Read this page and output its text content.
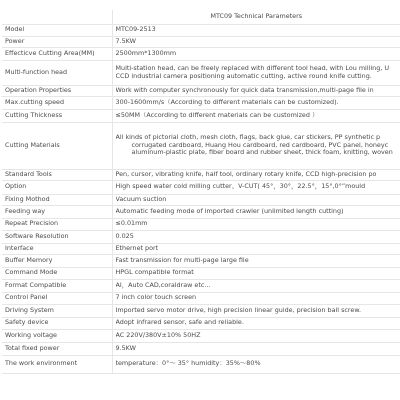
	MTC09 Technical Parameters
Model	MTC09-2513

Power	7.5KW

Effecticve Cutting Area(MM)	2500mm*1300mm

Multi-function head	Multi-station head, can be freely replaced with different tool head, with Lou milling, U
CCD industrial camera positioning automatic cutting, active round knife cutting.

Operation Properties	Work with computer synchronously for quick data transmission,multi-page file in

Max.cutting speed	300-1600mm/s（According to different materials can be customized).

Cutting Thickness	≤50MM（According to different materials can be customized ）

Cutting Materials	All kinds of pictorial cloth, mesh cloth, flags, back glue, car stickers, PP synthetic p
corrugated cardboard, Huang Hou cardboard, red cardboard, PVC panel, honeyc
aluminum-plastic plate, fiber board and rubber sheet, thick foam, knitting, woven

Standard Tools	Pen, cursor, vibrating knife, half tool, ordinary rotary knife, CCD high-precision po

Option	High speed water cold milling cutter、V-CUT( 45°，30°，22.5°，15°,0°”mould

Fixing Mothod	Vacuum suction

Feeding way	Automatic feeding mode of imported crawler (unlimited length cutting)

Repeat Precision	≤0.01mm

Software Resolution	0.025

Interface	Ethernet port

Buffer Memory	Fast transmission for multi-page large file

Command Mode	HPGL compatible format

Format Compatible	AI，Auto CAD,coraldraw etc...

Control Panel	7 inch color touch screen

Driving System	Imported servo motor drive, high precision linear guide, precision ball screw.

Safety device	Adopt infrared sensor, safe and reliable.

Working voltage	AC 220V/380V±10% 50HZ

Total fixed power	9.5KW

The work environment	temperature：0°～ 35° humidity：35%～80%
